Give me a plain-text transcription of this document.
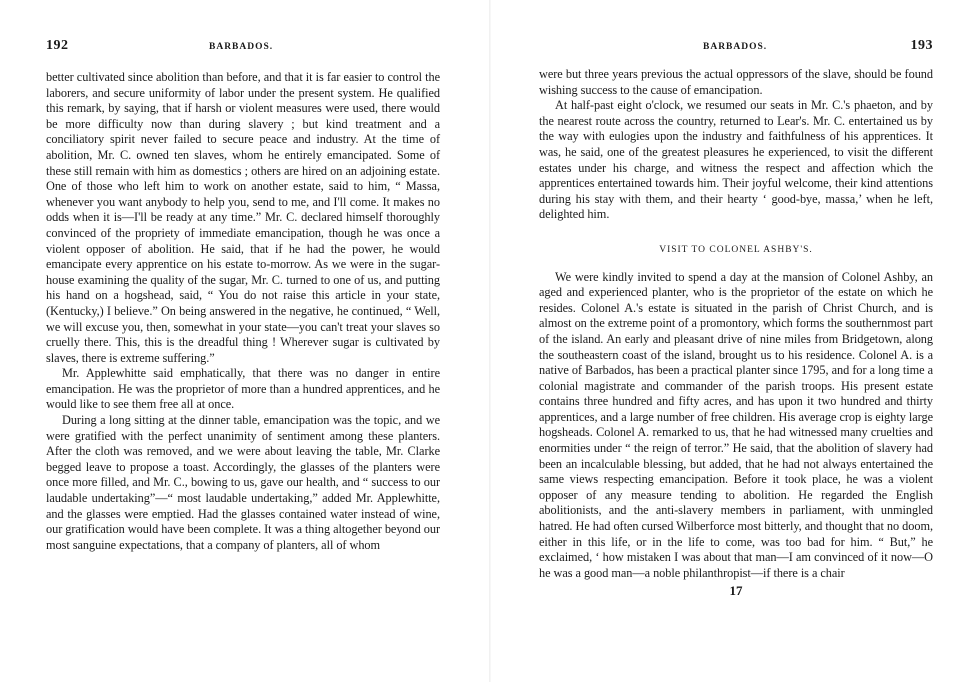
192	BARBADOS.

better cultivated since abolition than before, and that it is far easier to control the laborers, and secure uniformity of labor under the present system. He qualified this remark, by saying, that if harsh or violent measures were used, there would be more difficulty now than during slavery ; but kind treatment and a conciliatory spirit never failed to secure peace and industry. At the time of abolition, Mr. C. owned ten slaves, whom he entirely emancipated. Some of these still remain with him as domestics ; others are hired on an adjoining estate. One of those who left him to work on another estate, said to him, “ Massa, whenever you want anybody to help you, send to me, and I'll come. It makes no odds when it is—I'll be ready at any time.” Mr. C. declared himself thoroughly convinced of the propriety of immediate emancipation, though he was once a violent opposer of abolition. He said, that if he had the power, he would emancipate every apprentice on his estate to-morrow. As we were in the sugar-house examining the quality of the sugar, Mr. C. turned to one of us, and putting his hand on a hogshead, said, “ You do not raise this article in your state, (Kentucky,) I believe.” On being answered in the negative, he continued, “ Well, we will excuse you, then, somewhat in your state—you can't treat your slaves so cruelly there. This, this is the dreadful thing ! Wherever sugar is cultivated by slaves, there is extreme suffering.”

Mr. Applewhitte said emphatically, that there was no danger in entire emancipation. He was the proprietor of more than a hundred apprentices, and he would like to see them free all at once.

During a long sitting at the dinner table, emancipation was the topic, and we were gratified with the perfect unanimity of sentiment among these planters. After the cloth was removed, and we were about leaving the table, Mr. Clarke begged leave to propose a toast. Accordingly, the glasses of the planters were once more filled, and Mr. C., bowing to us, gave our health, and “ success to our laudable undertaking”—“ most laudable undertaking,” added Mr. Applewhitte, and the glasses were emptied. Had the glasses contained water instead of wine, our gratification would have been complete. It was a thing altogether beyond our most sanguine expectations, that a company of planters, all of whom

BARBADOS.	193

were but three years previous the actual oppressors of the slave, should be found wishing success to the cause of emancipation.

At half-past eight o'clock, we resumed our seats in Mr. C.'s phaeton, and by the nearest route across the country, returned to Lear's. Mr. C. entertained us by the way with eulogies upon the industry and faithfulness of his apprentices. It was, he said, one of the greatest pleasures he experienced, to visit the different estates under his charge, and witness the respect and affection which the apprentices entertained towards him. Their joyful welcome, their kind attentions during his stay with them, and their hearty ‘ good-bye, massa,’ when he left, delighted him.

VISIT TO COLONEL ASHBY'S.

We were kindly invited to spend a day at the mansion of Colonel Ashby, an aged and experienced planter, who is the proprietor of the estate on which he resides. Colonel A.'s estate is situated in the parish of Christ Church, and is almost on the extreme point of a promontory, which forms the southernmost part of the island. An early and pleasant drive of nine miles from Bridgetown, along the southeastern coast of the island, brought us to his residence. Colonel A. is a native of Barbados, has been a practical planter since 1795, and for a long time a colonial magistrate and commander of the parish troops. His present estate contains three hundred and fifty acres, and has upon it two hundred and thirty apprentices, and a large number of free children. His average crop is eighty large hogsheads. Colonel A. remarked to us, that he had witnessed many cruelties and enormities under “ the reign of terror.” He said, that the abolition of slavery had been an incalculable blessing, but added, that he had not always entertained the same views respecting emancipation. Before it took place, he was a violent opposer of any measure tending to abolition. He regarded the English abolitionists, and the anti-slavery members in parliament, with unmingled hatred. He had often cursed Wilberforce most bitterly, and thought that no doom, either in this life, or in the life to come, was too bad for him. “ But,” he exclaimed, ‘ how mistaken I was about that man—I am convinced of it now—O he was a good man—a noble philanthropist—if there is a chair

17
